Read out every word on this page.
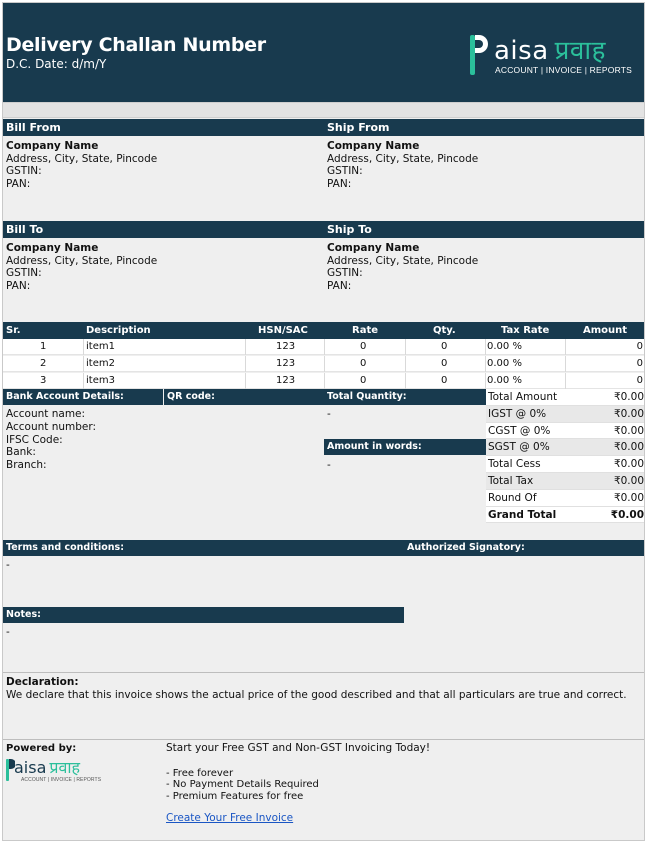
Delivery Challan Number
D.C. Date: d/m/Y	aisa प्रवाह
ACCOUNT | INVOICE | REPORTS
Bill From	Ship From
Company Name
Address, City, State, Pincode
GSTIN:
PAN:
Company Name
Address, City, State, Pincode
GSTIN:
PAN:
Bill To	Ship To
Company Name
Address, City, State, Pincode
GSTIN:
PAN:
Company Name
Address, City, State, Pincode
GSTIN:
PAN:
Sr.	Description	HSN/SAC	Rate	Qty.	Tax Rate	Amount
1	item1	123	0	0	0.00 %	0
2	item2	123	0	0	0.00 %	0
3	item3	123	0	0	0.00 %	0
Bank Account Details:	QR code:	Total Quantity:
Account name:
Account number:
IFSC Code:
Bank:
Branch:
-
Amount in words:
-
Total Amount	₹0.00
IGST @ 0%	₹0.00
CGST @ 0%	₹0.00
SGST @ 0%	₹0.00
Total Cess	₹0.00
Total Tax	₹0.00
Round Of	₹0.00
Grand Total	₹0.00
Terms and conditions:	Authorized Signatory:
-
Notes:
-
Declaration:
We declare that this invoice shows the actual price of the good described and that all particulars are true and correct.
Powered by:
aisa प्रवाह
ACCOUNT | INVOICE | REPORTS
Start your Free GST and Non-GST Invoicing Today!
- Free forever
- No Payment Details Required
- Premium Features for free
Create Your Free Invoice
